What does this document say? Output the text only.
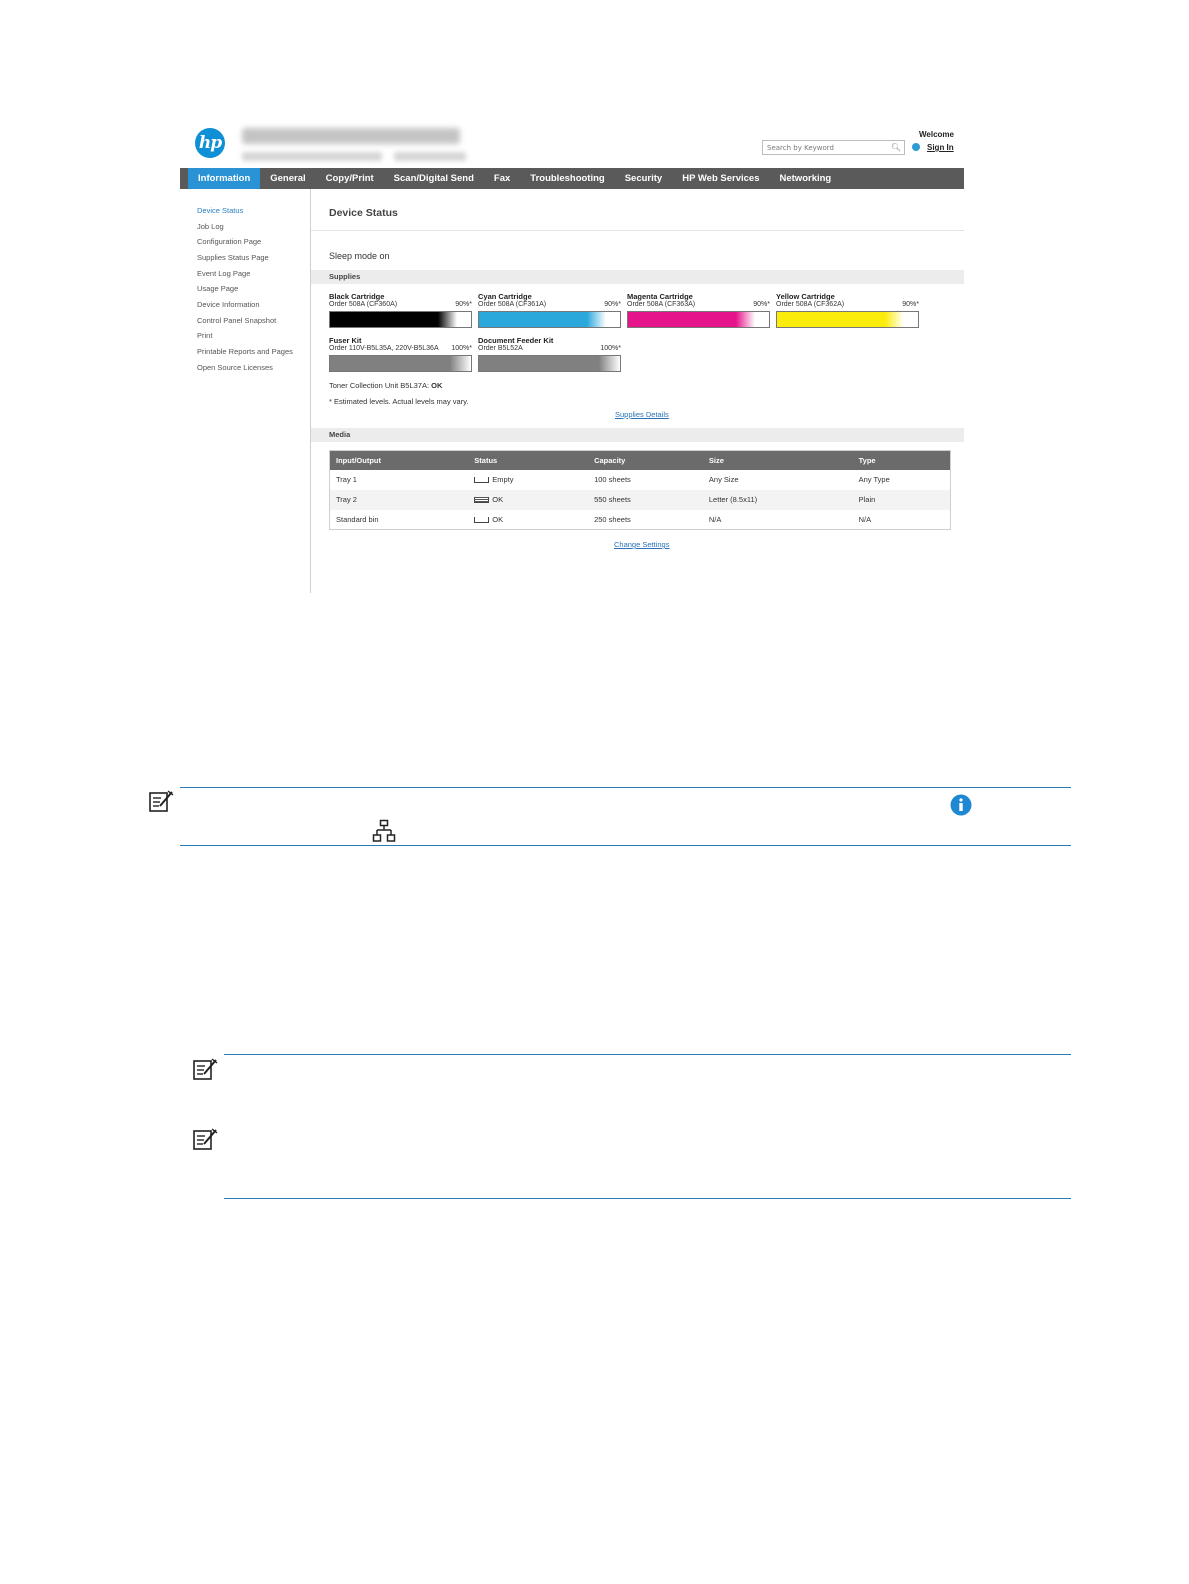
hp	Search by Keyword	🔍︎
Welcome
Sign In
Information	General	Copy/Print	Scan/Digital Send	Fax	Troubleshooting	Security	HP Web Services	Networking
Device Status
Job Log
Configuration Page
Supplies Status Page
Event Log Page
Usage Page
Device Information
Control Panel Snapshot
Print
Printable Reports and Pages
Open Source Licenses
Device Status
Sleep mode on
Supplies
Black Cartridge
Order 508A (CF360A)	90%*
Cyan Cartridge
Order 508A (CF361A)	90%*
Magenta Cartridge
Order 508A (CF363A)	90%*
Yellow Cartridge
Order 508A (CF362A)	90%*
Fuser Kit
Order 110V-B5L35A, 220V-B5L36A	100%*
Document Feeder Kit
Order B5L52A	100%*
Toner Collection Unit B5L37A: OK
* Estimated levels. Actual levels may vary.
Supplies Details
Media
Input/Output	Status	Capacity	Size	Type
Tray 1	Empty	100 sheets	Any Size	Any Type
Tray 2	OK	550 sheets	Letter (8.5x11)	Plain
Standard bin	OK	250 sheets	N/A	N/A
Change Settings
